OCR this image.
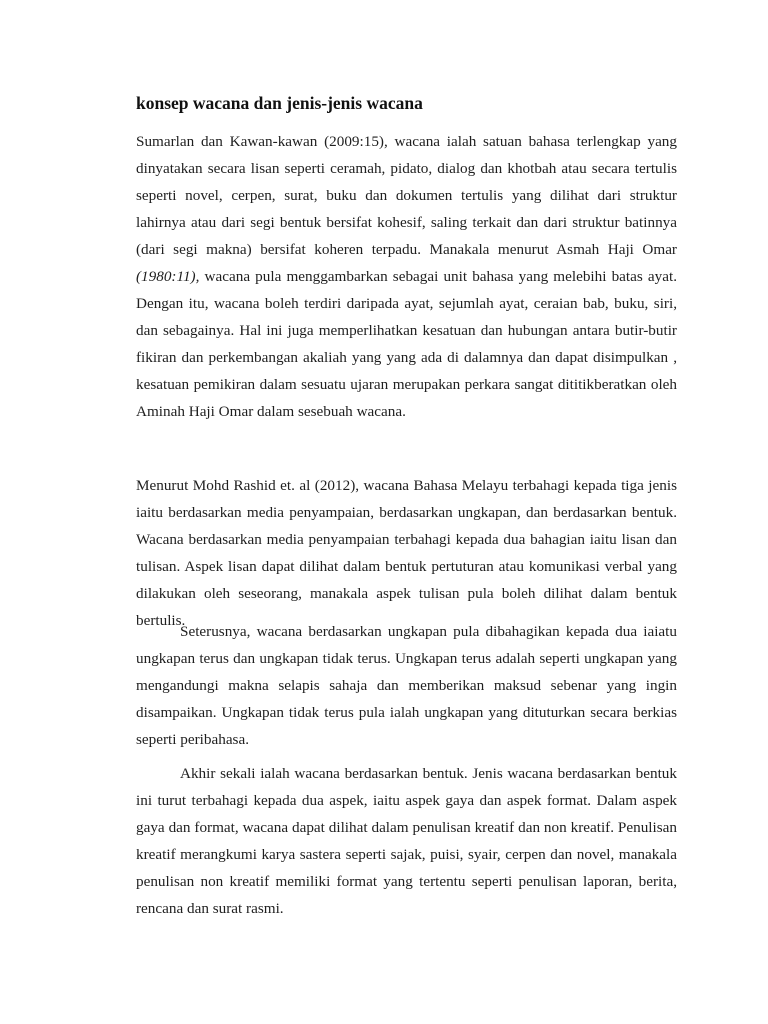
konsep wacana dan jenis-jenis wacana

Sumarlan dan Kawan-kawan (2009:15), wacana ialah satuan bahasa terlengkap yang dinyatakan secara lisan seperti ceramah, pidato, dialog dan khotbah atau secara tertulis seperti novel, cerpen, surat, buku dan dokumen tertulis yang dilihat dari struktur lahirnya atau dari segi bentuk bersifat kohesif, saling terkait dan dari struktur batinnya (dari segi makna) bersifat koheren terpadu. Manakala menurut Asmah Haji Omar (1980:11), wacana pula menggambarkan sebagai unit bahasa yang melebihi batas ayat. Dengan itu, wacana boleh terdiri daripada ayat, sejumlah ayat, ceraian bab, buku, siri, dan sebagainya. Hal ini juga memperlihatkan kesatuan dan hubungan antara butir-butir fikiran dan perkembangan akaliah yang yang ada di dalamnya dan dapat disimpulkan , kesatuan pemikiran dalam sesuatu ujaran merupakan perkara sangat dititikberatkan oleh Aminah Haji Omar dalam sesebuah wacana.

Menurut Mohd Rashid et. al (2012), wacana Bahasa Melayu terbahagi kepada tiga jenis iaitu berdasarkan media penyampaian, berdasarkan ungkapan, dan berdasarkan bentuk. Wacana berdasarkan media penyampaian terbahagi kepada dua bahagian iaitu lisan dan tulisan. Aspek lisan dapat dilihat dalam bentuk pertuturan atau komunikasi verbal yang dilakukan oleh seseorang, manakala aspek tulisan pula boleh dilihat dalam bentuk bertulis.

Seterusnya, wacana berdasarkan ungkapan pula dibahagikan kepada dua iaiatu ungkapan terus dan ungkapan tidak terus. Ungkapan terus adalah seperti ungkapan yang mengandungi makna selapis sahaja dan memberikan maksud sebenar yang ingin disampaikan. Ungkapan tidak terus pula ialah ungkapan yang dituturkan secara berkias seperti peribahasa.

Akhir sekali ialah wacana berdasarkan bentuk. Jenis wacana berdasarkan bentuk ini turut terbahagi kepada dua aspek, iaitu aspek gaya dan aspek format. Dalam aspek gaya dan format, wacana dapat dilihat dalam penulisan kreatif dan non kreatif. Penulisan kreatif merangkumi karya sastera seperti sajak, puisi, syair, cerpen dan novel, manakala penulisan non kreatif memiliki format yang tertentu seperti penulisan laporan, berita, rencana dan surat rasmi.
